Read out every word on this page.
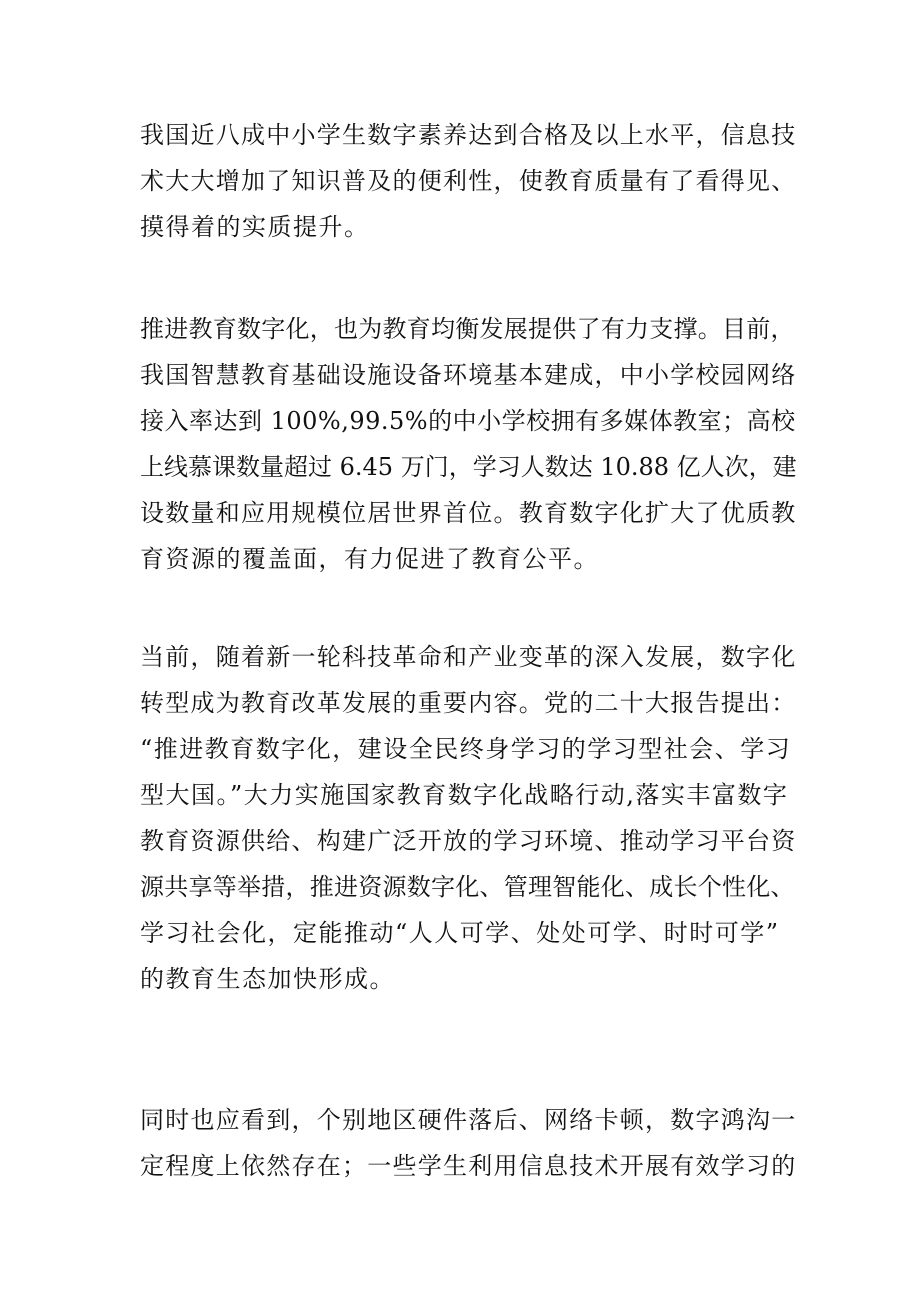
我国近八成中小学生数字素养达到合格及以上水平，信息技
术大大增加了知识普及的便利性，使教育质量有了看得见、
摸得着的实质提升。
推进教育数字化，也为教育均衡发展提供了有力支撑。目前，
我国智慧教育基础设施设备环境基本建成，中小学校园网络
接入率达到 100%,99.5%的中小学校拥有多媒体教室；高校
上线慕课数量超过 6.45 万门，学习人数达 10.88 亿人次，建
设数量和应用规模位居世界首位。教育数字化扩大了优质教
育资源的覆盖面，有力促进了教育公平。
当前，随着新一轮科技革命和产业变革的深入发展，数字化
转型成为教育改革发展的重要内容。党的二十大报告提出：
“推进教育数字化，建设全民终身学习的学习型社会、学习
型大国。”大力实施国家教育数字化战略行动,落实丰富数字
教育资源供给、构建广泛开放的学习环境、推动学习平台资
源共享等举措，推进资源数字化、管理智能化、成长个性化、
学习社会化，定能推动“人人可学、处处可学、时时可学”
的教育生态加快形成。
同时也应看到，个别地区硬件落后、网络卡顿，数字鸿沟一
定程度上依然存在；一些学生利用信息技术开展有效学习的
